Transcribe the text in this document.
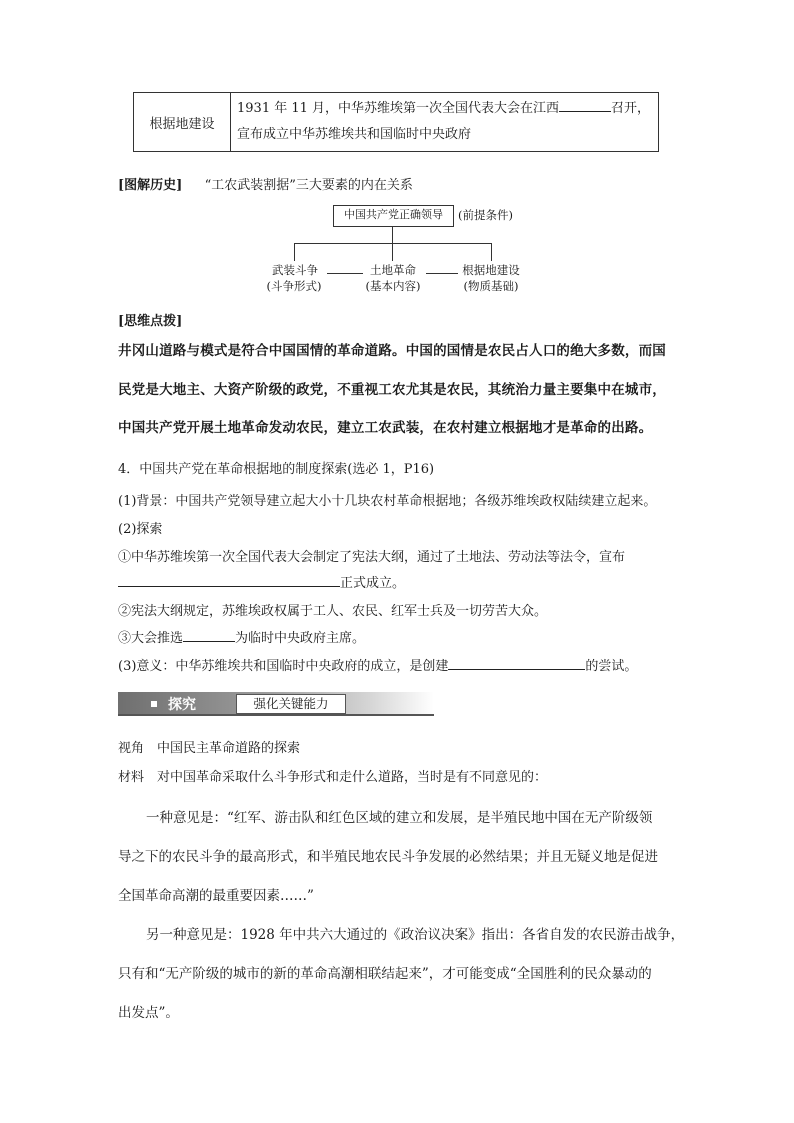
根据地建设	
1931 年 11 月，中华苏维埃第一次全国代表大会在江西	召开，
宣布成立中华苏维埃共和国临时中央政府
[图解历史] “工农武装割据”三大要素的内在关系
中国共产党正确领导	(前提条件)
武装斗争
(斗争形式)
土地革命
(基本内容)
根据地建设
(物质基础)
[思维点拨]
井冈山道路与模式是符合中国国情的革命道路。中国的国情是农民占人口的绝大多数，而国
民党是大地主、大资产阶级的政党，不重视工农尤其是农民，其统治力量主要集中在城市，
中国共产党开展土地革命发动农民，建立工农武装，在农村建立根据地才是革命的出路。
4．中国共产党在革命根据地的制度探索(选必 1，P16)
(1)背景：中国共产党领导建立起大小十几块农村革命根据地；各级苏维埃政权陆续建立起来。
(2)探索
①中华苏维埃第一次全国代表大会制定了宪法大纲，通过了土地法、劳动法等法令，宣布
正式成立。
②宪法大纲规定，苏维埃政权属于工人、农民、红军士兵及一切劳苦大众。
③大会推选	为临时中央政府主席。
(3)意义：中华苏维埃共和国临时中央政府的成立，是创建	的尝试。
探究	强化关键能力
视角　中国民主革命道路的探索
材料　对中国革命采取什么斗争形式和走什么道路，当时是有不同意见的：
一种意见是：“红军、游击队和红色区域的建立和发展，是半殖民地中国在无产阶级领
导之下的农民斗争的最高形式，和半殖民地农民斗争发展的必然结果；并且无疑义地是促进
全国革命高潮的最重要因素……”
另一种意见是：1928 年中共六大通过的《政治议决案》指出：各省自发的农民游击战争，
只有和“无产阶级的城市的新的革命高潮相联结起来”，才可能变成“全国胜利的民众暴动的
出发点”。
